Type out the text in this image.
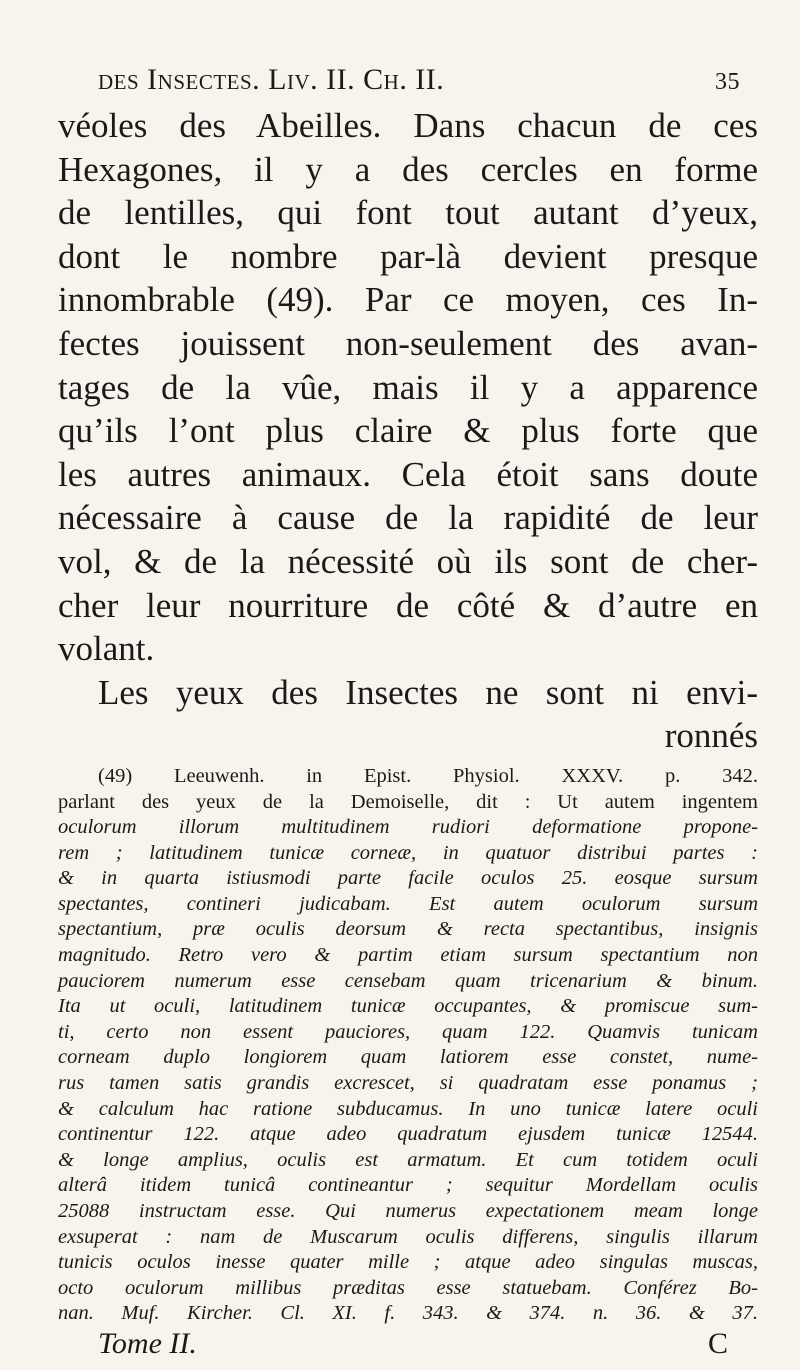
des Insectes. Liv. II. Ch. II.	35
véoles des Abeilles. Dans chacun de ces
Hexagones, il y a des cercles en forme
de lentilles, qui font tout autant d’yeux,
dont le nombre par-là devient presque
innombrable (49). Par ce moyen, ces In-
fectes jouissent non-seulement des avan-
tages de la vûe, mais il y a apparence
qu’ils l’ont plus claire & plus forte que
les autres animaux. Cela étoit sans doute
nécessaire à cause de la rapidité de leur
vol, & de la nécessité où ils sont de cher-
cher leur nourriture de côté & d’autre en
volant.
Les yeux des Insectes ne sont ni envi-
ronnés
(49) Leeuwenh. in Epist. Physiol. XXXV. p. 342.
parlant des yeux de la Demoiselle, dit : Ut autem ingentem
oculorum illorum multitudinem rudiori deformatione propone-
rem ; latitudinem tunicæ corneæ, in quatuor distribui partes :
& in quarta istiusmodi parte facile oculos 25. eosque sursum
spectantes, contineri judicabam. Est autem oculorum sursum
spectantium, præ oculis deorsum & recta spectantibus, insignis
magnitudo. Retro vero & partim etiam sursum spectantium non
pauciorem numerum esse censebam quam tricenarium & binum.
Ita ut oculi, latitudinem tunicæ occupantes, & promiscue sum-
ti, certo non essent pauciores, quam 122. Quamvis tunicam
corneam duplo longiorem quam latiorem esse constet, nume-
rus tamen satis grandis excrescet, si quadratam esse ponamus ;
& calculum hac ratione subducamus. In uno tunicæ latere oculi
continentur 122. atque adeo quadratum ejusdem tunicæ 12544.
& longe amplius, oculis est armatum. Et cum totidem oculi
alterâ itidem tunicâ contineantur ; sequitur Mordellam oculis
25088 instructam esse. Qui numerus expectationem meam longe
exsuperat : nam de Muscarum oculis differens, singulis illarum
tunicis oculos inesse quater mille ; atque adeo singulas muscas,
octo oculorum millibus præditas esse statuebam. Conférez Bo-
nan. Muf. Kircher. Cl. XI. f. 343. & 374. n. 36. & 37.
Tome II.	C
